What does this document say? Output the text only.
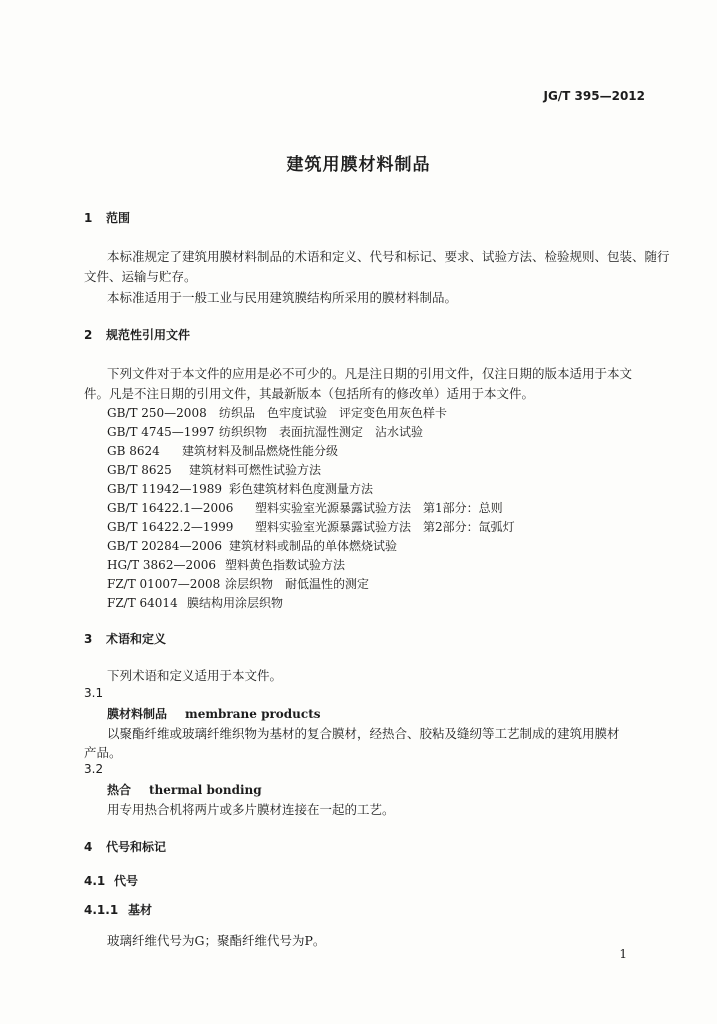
JG/T 395—2012
建筑用膜材料制品
1 范围
本标准规定了建筑用膜材料制品的术语和定义、代号和标记、要求、试验方法、检验规则、包装、随行
文件、运输与贮存。
本标准适用于一般工业与民用建筑膜结构所采用的膜材料制品。
2 规范性引用文件
下列文件对于本文件的应用是必不可少的。凡是注日期的引用文件，仅注日期的版本适用于本文
件。凡是不注日期的引用文件，其最新版本（包括所有的修改单）适用于本文件。
GB/T 250—2008 纺织品　色牢度试验　评定变色用灰色样卡
GB/T 4745—1997 纺织织物　表面抗湿性测定　沾水试验
GB 8624 建筑材料及制品燃烧性能分级
GB/T 8625 建筑材料可燃性试验方法
GB/T 11942—1989 彩色建筑材料色度测量方法
GB/T 16422.1—2006 塑料实验室光源暴露试验方法　第1部分：总则
GB/T 16422.2—1999 塑料实验室光源暴露试验方法　第2部分：氙弧灯
GB/T 20284—2006 建筑材料或制品的单体燃烧试验
HG/T 3862—2006 塑料黄色指数试验方法
FZ/T 01007—2008 涂层织物　耐低温性的测定
FZ/T 64014 膜结构用涂层织物
3 术语和定义
下列术语和定义适用于本文件。
3.1
膜材料制品 membrane products
以聚酯纤维或玻璃纤维织物为基材的复合膜材，经热合、胶粘及缝纫等工艺制成的建筑用膜材
产品。
3.2
热合 thermal bonding
用专用热合机将两片或多片膜材连接在一起的工艺。
4 代号和标记
4.1 代号
4.1.1 基材
玻璃纤维代号为G；聚酯纤维代号为P。
1
